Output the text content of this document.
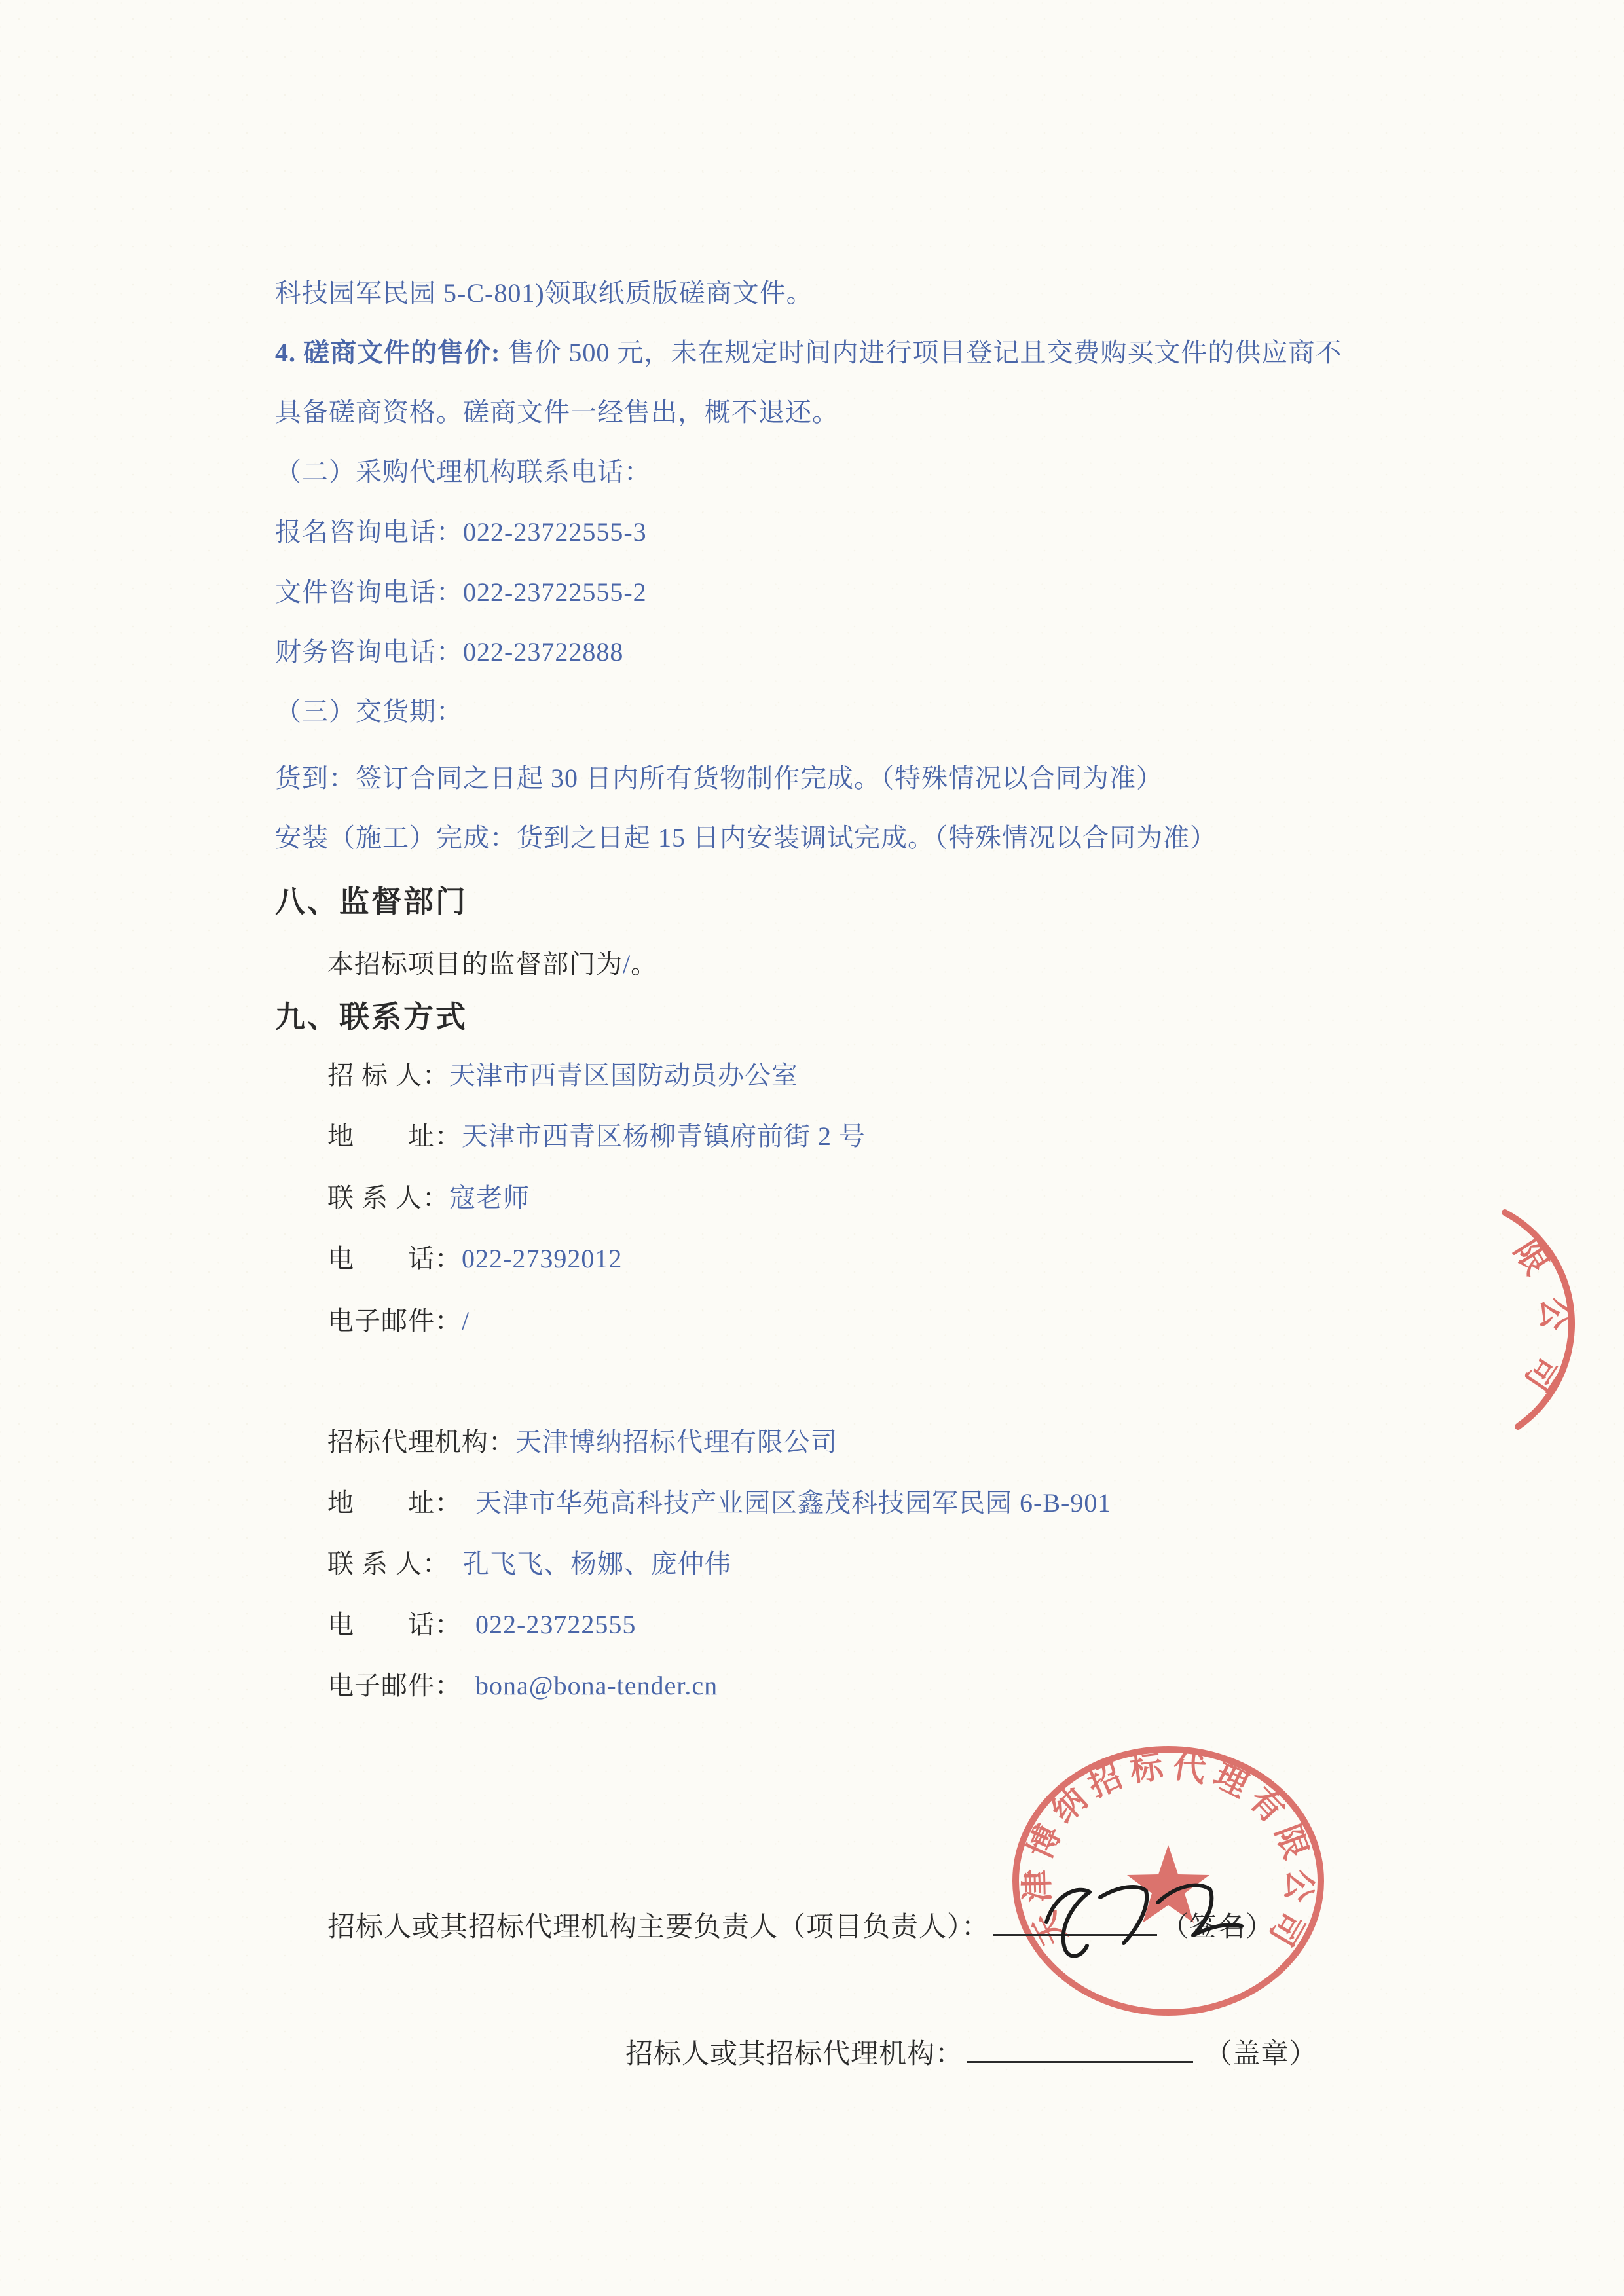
限公司
天津博纳招标代理有限公司
科技园军民园 5-C-801)领取纸质版磋商文件。
4. 磋商文件的售价: 售价 500 元，未在规定时间内进行项目登记且交费购买文件的供应商不
具备磋商资格。磋商文件一经售出，概不退还。
（二）采购代理机构联系电话：
报名咨询电话：022-23722555-3
文件咨询电话：022-23722555-2
财务咨询电话：022-23722888
（三）交货期：
货到：签订合同之日起 30 日内所有货物制作完成。（特殊情况以合同为准）
安装（施工）完成：货到之日起 15 日内安装调试完成。（特殊情况以合同为准）
八、监督部门
本招标项目的监督部门为/。
九、联系方式
招 标 人：天津市西青区国防动员办公室
地　　址：天津市西青区杨柳青镇府前街 2 号
联 系 人：寇老师
电　　话：022-27392012
电子邮件：/
招标代理机构：天津博纳招标代理有限公司
地　　址：　天津市华苑高科技产业园区鑫茂科技园军民园 6-B-901
联 系 人：　孔飞飞、杨娜、庞仲伟
电　　话：　022-23722555
电子邮件：　bona@bona-tender.cn
招标人或其招标代理机构主要负责人（项目负责人）：	（签名）
招标人或其招标代理机构：	（盖章）
